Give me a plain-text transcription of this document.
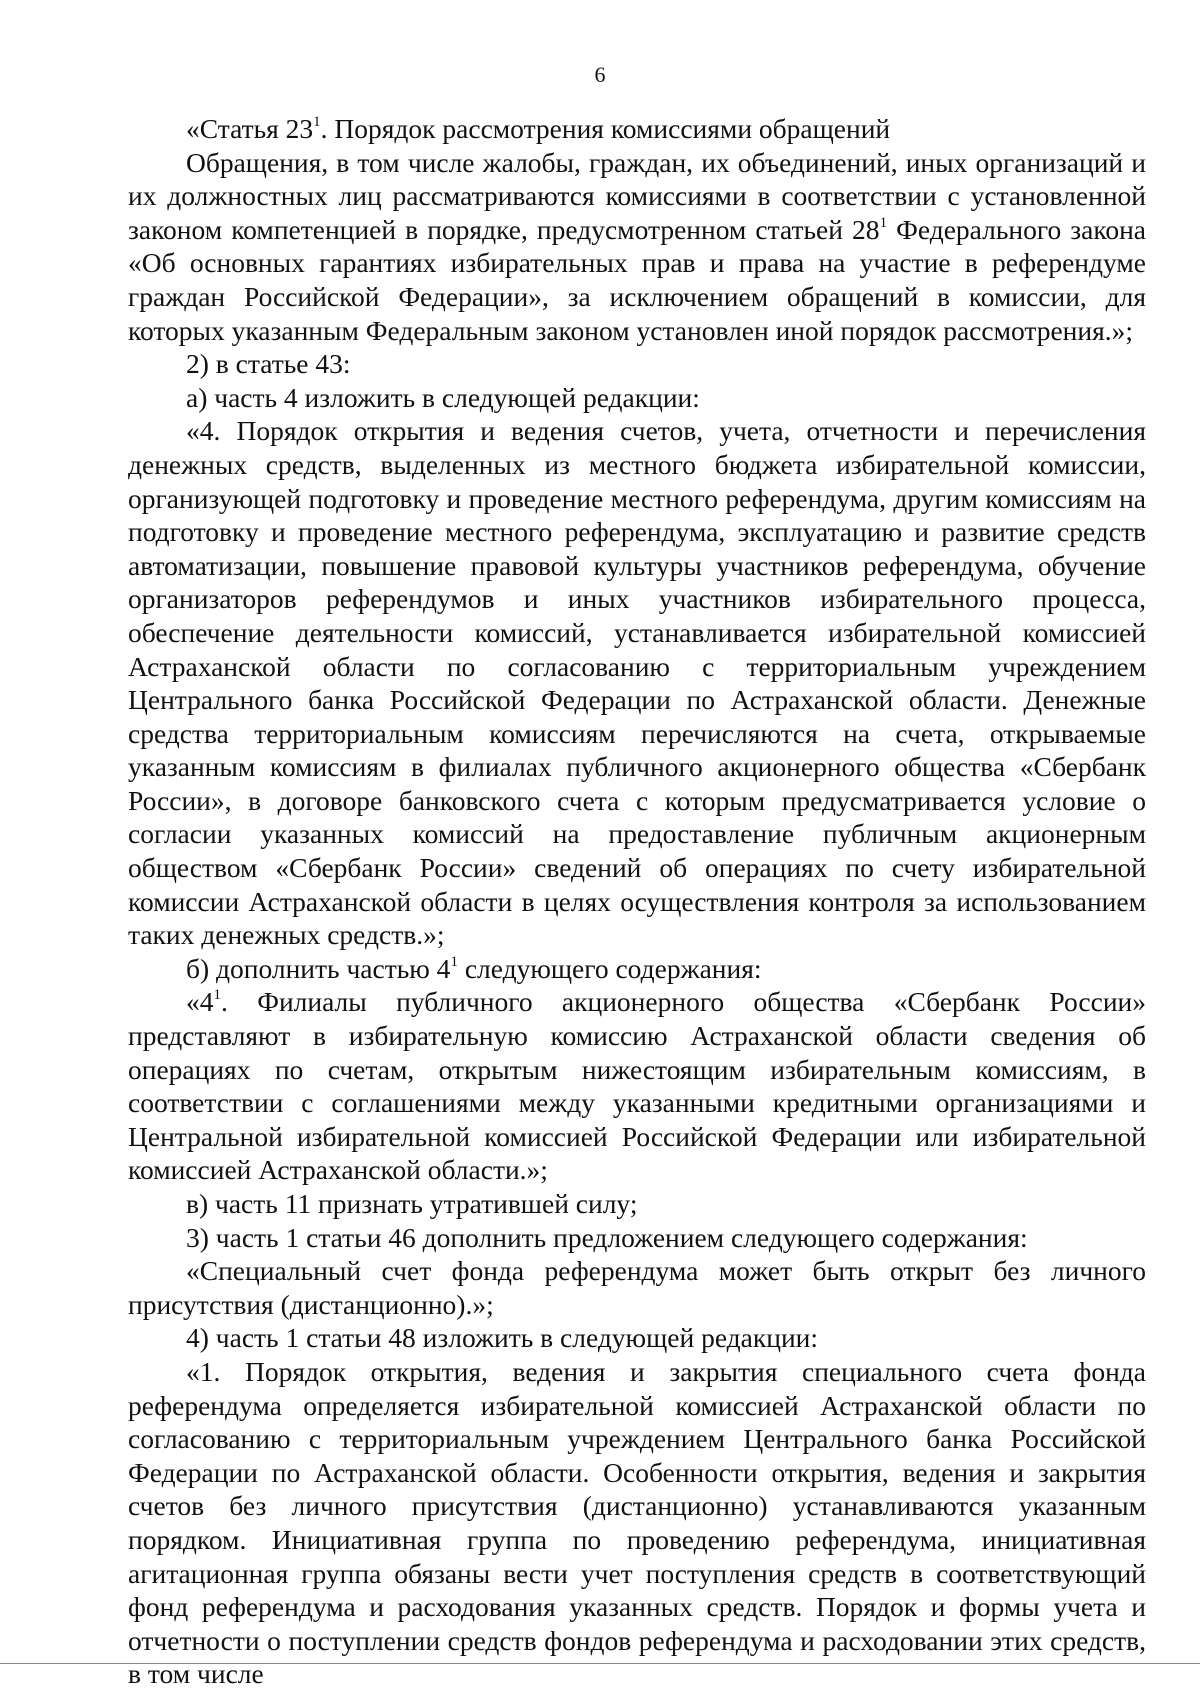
6

«Статья $23^1$. Порядок рассмотрения комиссиями обращений

Обращения, в том числе жалобы, граждан, их объединений, иных организаций и их должностных лиц рассматриваются комиссиями в соответствии с установленной законом компетенцией в порядке, предусмотренном статьей $28^1$ Федерального закона «Об основных гарантиях избирательных прав и права на участие в референдуме граждан Российской Федерации», за исключением обращений в комиссии, для которых указанным Федеральным законом установлен иной порядок рассмотрения.»;

2) в статье 43:

а) часть 4 изложить в следующей редакции:

«4. Порядок открытия и ведения счетов, учета, отчетности и перечисления денежных средств, выделенных из местного бюджета избирательной комиссии, организующей подготовку и проведение местного референдума, другим комиссиям на подготовку и проведение местного референдума, эксплуатацию и развитие средств автоматизации, повышение правовой культуры участников референдума, обучение организаторов референдумов и иных участников избирательного процесса, обеспечение деятельности комиссий, устанавливается избирательной комиссией Астраханской области по согласованию с территориальным учреждением Центрального банка Российской Федерации по Астраханской области. Денежные средства территориальным комиссиям перечисляются на счета, открываемые указанным комиссиям в филиалах публичного акционерного общества «Сбербанк России», в договоре банковского счета с которым предусматривается условие о согласии указанных комиссий на предоставление публичным акционерным обществом «Сбербанк России» сведений об операциях по счету избирательной комиссии Астраханской области в целях осуществления контроля за использованием таких денежных средств.»;

б) дополнить частью $4^1$ следующего содержания:

«$4^1$. Филиалы публичного акционерного общества «Сбербанк России» представляют в избирательную комиссию Астраханской области сведения об операциях по счетам, открытым нижестоящим избирательным комиссиям, в соответствии с соглашениями между указанными кредитными организациями и Центральной избирательной комиссией Российской Федерации или избирательной комиссией Астраханской области.»;

в) часть 11 признать утратившей силу;

3) часть 1 статьи 46 дополнить предложением следующего содержания:

«Специальный счет фонда референдума может быть открыт без личного присутствия (дистанционно).»;

4) часть 1 статьи 48 изложить в следующей редакции:

«1. Порядок открытия, ведения и закрытия специального счета фонда референдума определяется избирательной комиссией Астраханской области по согласованию с территориальным учреждением Центрального банка Российской Федерации по Астраханской области. Особенности открытия, ведения и закрытия счетов без личного присутствия (дистанционно) устанавливаются указанным порядком. Инициативная группа по проведению референдума, инициативная агитационная группа обязаны вести учет поступления средств в соответствующий фонд референдума и расходования указанных средств. Порядок и формы учета и отчетности о поступлении средств фондов референдума и расходовании этих средств, в том числе
